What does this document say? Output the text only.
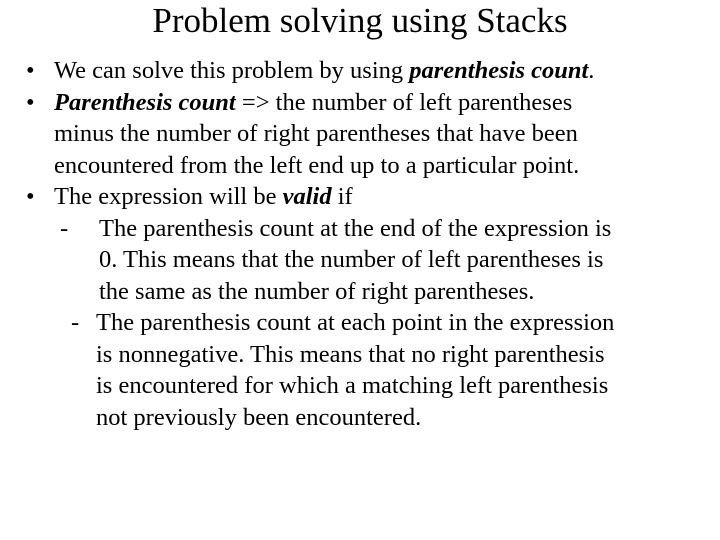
Problem solving using Stacks
• We can solve this problem by using parenthesis count.
• Parenthesis count => the number of left parentheses
minus the number of right parentheses that have been
encountered from the left end up to a particular point.
• The expression will be valid if
- The parenthesis count at the end of the expression is
0. This means that the number of left parentheses is
the same as the number of right parentheses.
- The parenthesis count at each point in the expression
is nonnegative. This means that no right parenthesis
is encountered for which a matching left parenthesis
not previously been encountered.
